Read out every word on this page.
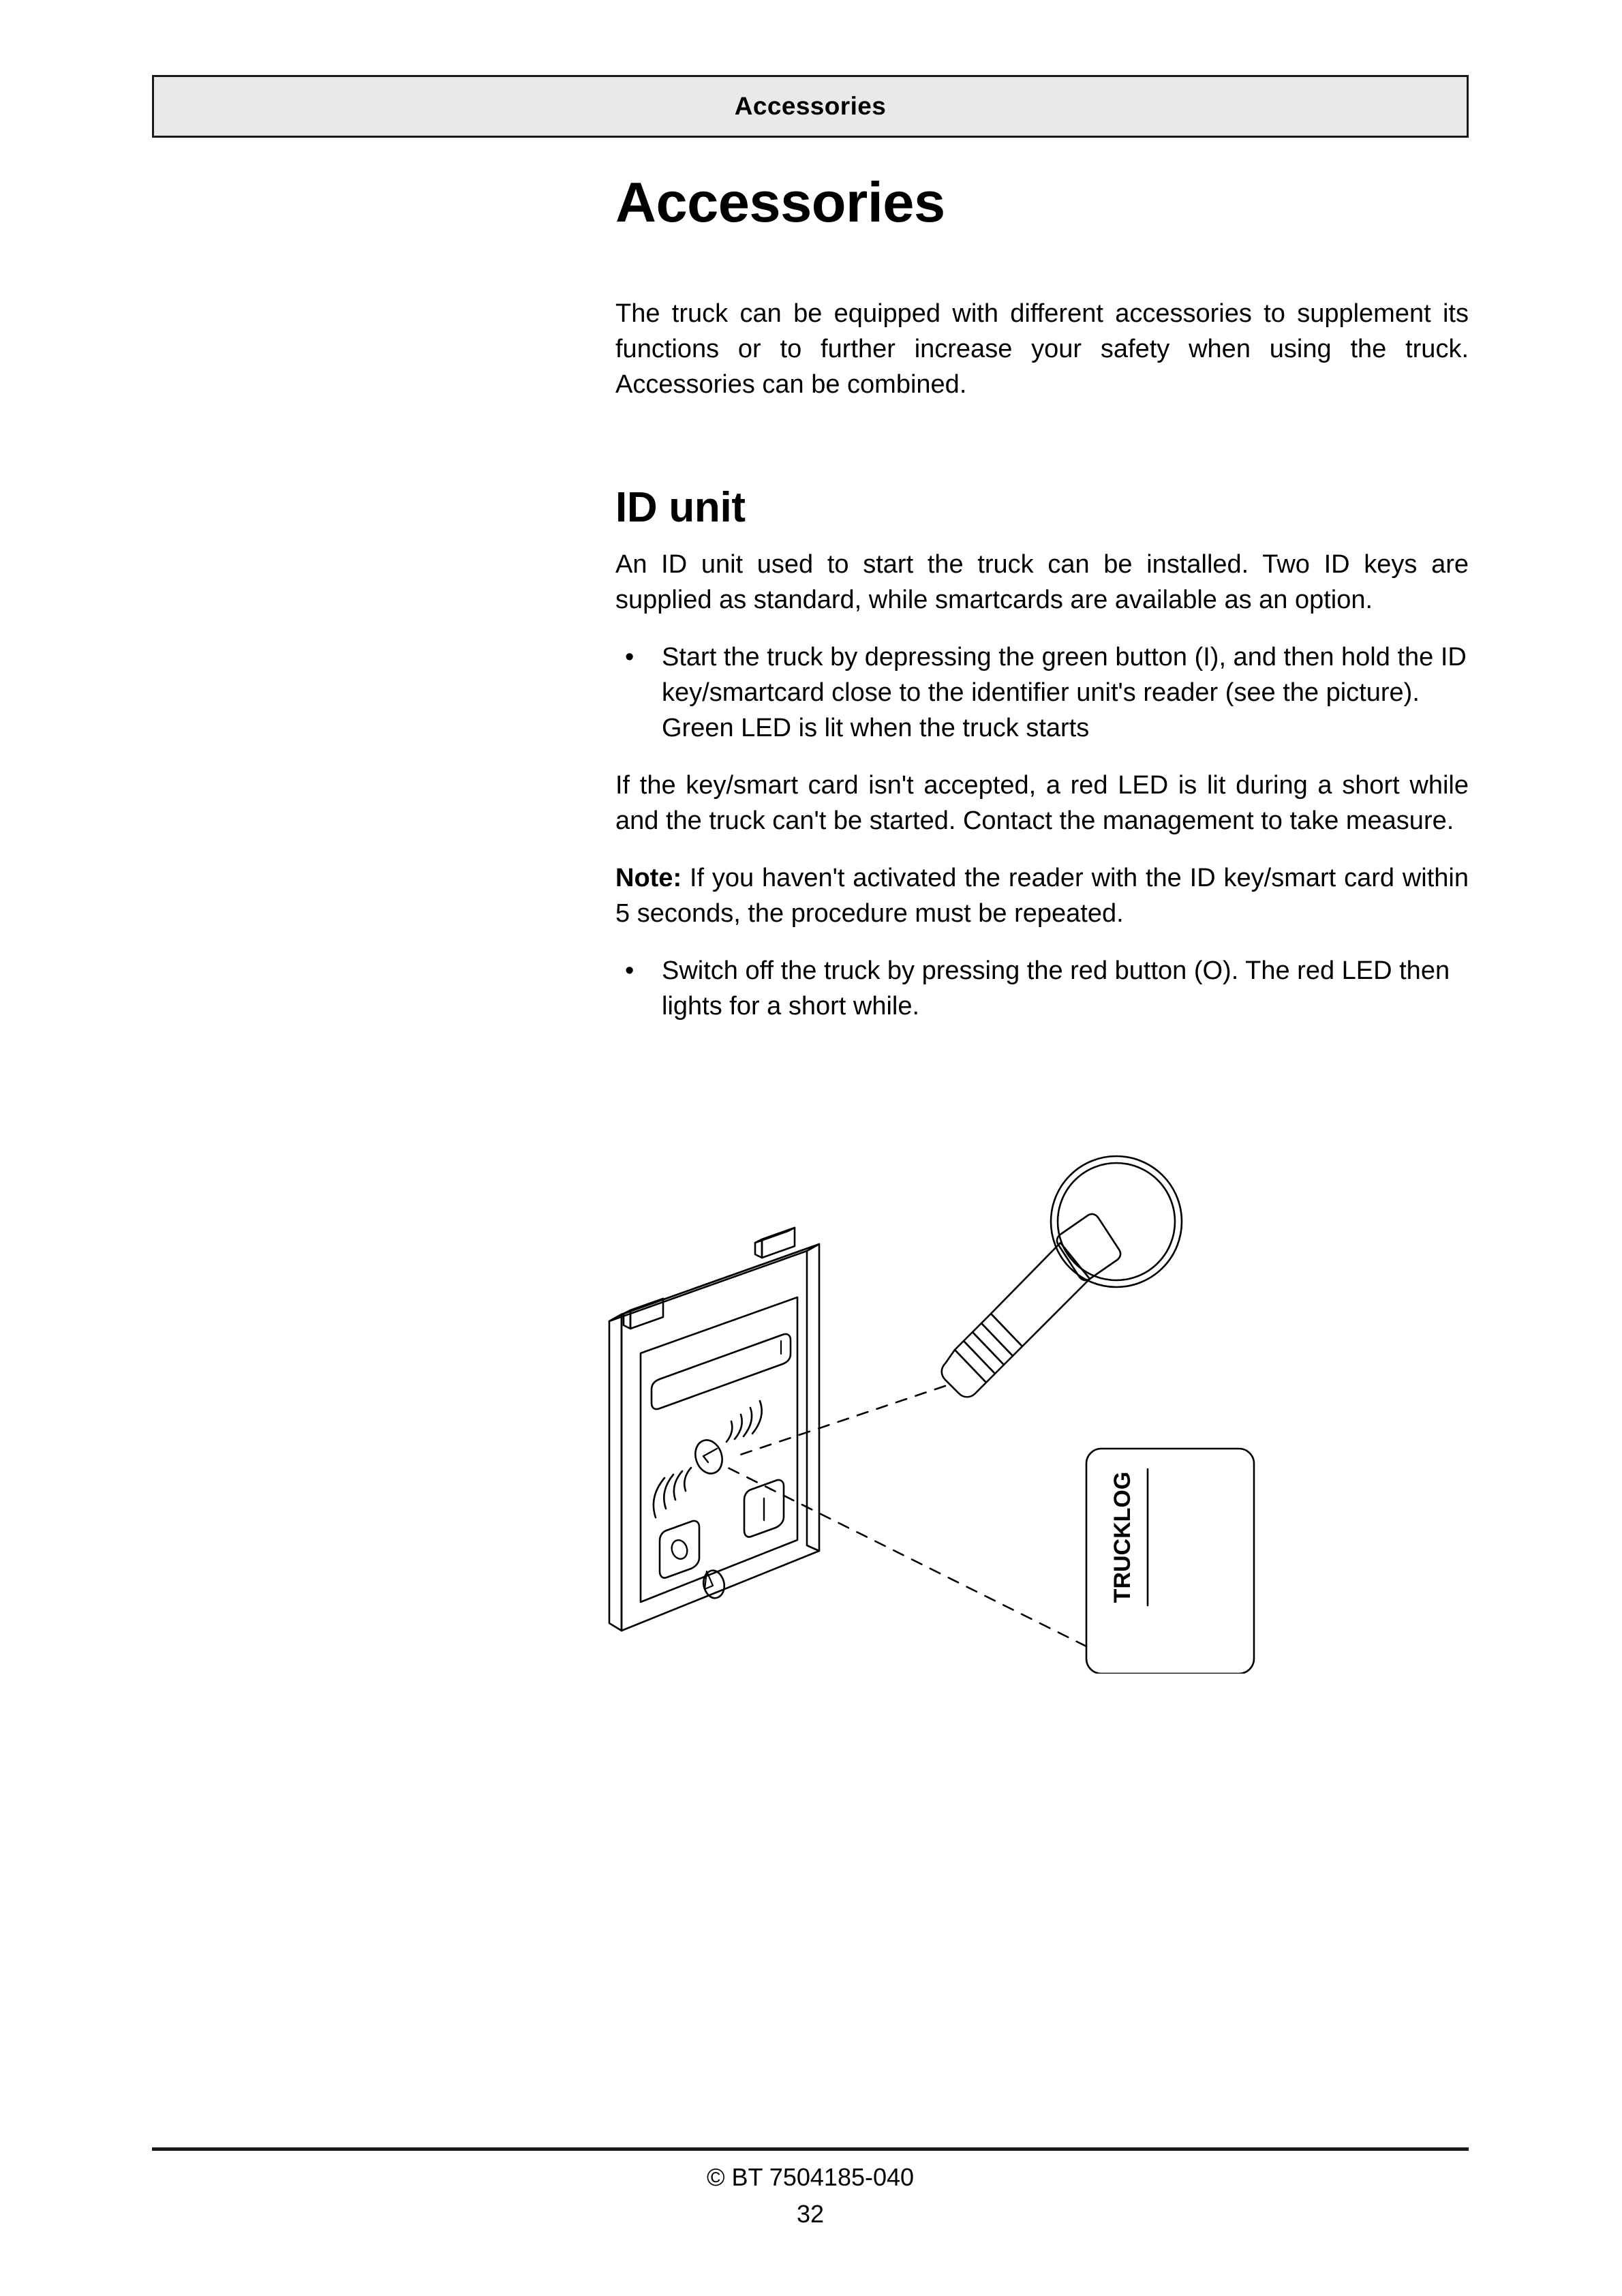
Accessories
Accessories

The truck can be equipped with different accessories to supplement its functions or to further increase your safety when using the truck. Accessories can be combined.

ID unit

An ID unit used to start the truck can be installed. Two ID keys are supplied as standard, while smartcards are available as an option.

• Start the truck by depressing the green button (I), and then hold the ID key/smartcard close to the identifier unit's reader (see the picture). Green LED is lit when the truck starts

If the key/smart card isn't accepted, a red LED is lit during a short while and the truck can't be started. Contact the management to take measure.

Note: If you haven't activated the reader with the ID key/smart card within 5 seconds, the procedure must be repeated.

• Switch off the truck by pressing the red button (O). The red LED then lights for a short while.
TRUCKLOG
© BT 7504185-040
32
